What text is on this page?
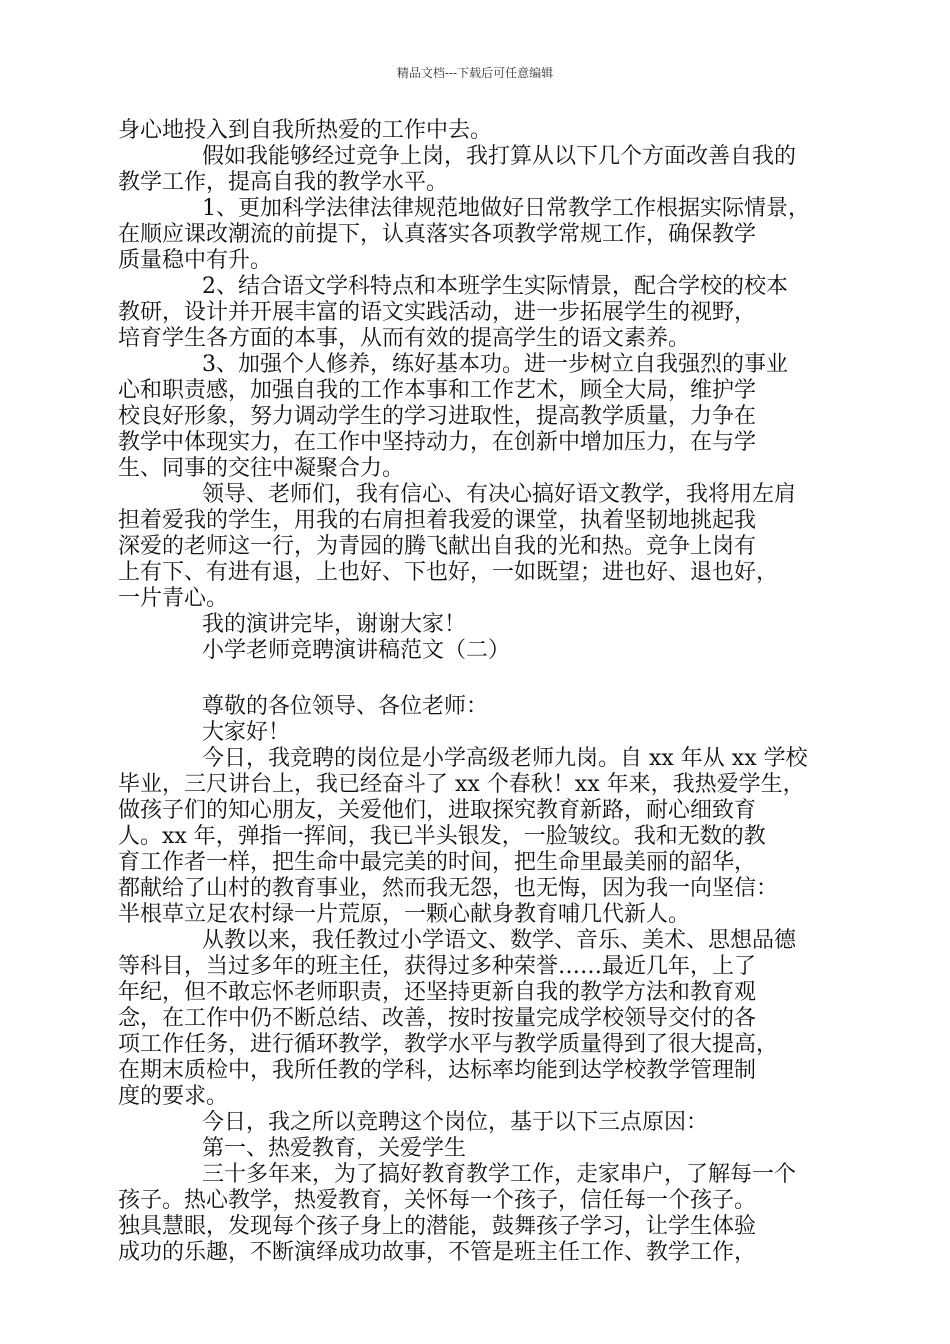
精品文档---下载后可任意编辑
身心地投入到自我所热爱的工作中去。
假如我能够经过竞争上岗，我打算从以下几个方面改善自我的
教学工作，提高自我的教学水平。
1、更加科学法律法律规范地做好日常教学工作根据实际情景，
在顺应课改潮流的前提下，认真落实各项教学常规工作，确保教学
质量稳中有升。
2、结合语文学科特点和本班学生实际情景，配合学校的校本
教研，设计并开展丰富的语文实践活动，进一步拓展学生的视野，
培育学生各方面的本事，从而有效的提高学生的语文素养。
3、加强个人修养，练好基本功。进一步树立自我强烈的事业
心和职责感，加强自我的工作本事和工作艺术，顾全大局，维护学
校良好形象，努力调动学生的学习进取性，提高教学质量，力争在
教学中体现实力，在工作中坚持动力，在创新中增加压力，在与学
生、同事的交往中凝聚合力。
领导、老师们，我有信心、有决心搞好语文教学，我将用左肩
担着爱我的学生，用我的右肩担着我爱的课堂，执着坚韧地挑起我
深爱的老师这一行，为青园的腾飞献出自我的光和热。竞争上岗有
上有下、有进有退，上也好、下也好，一如既望；进也好、退也好，
一片青心。
我的演讲完毕，谢谢大家！
小学老师竞聘演讲稿范文（二）
尊敬的各位领导、各位老师：
大家好！
今日，我竞聘的岗位是小学高级老师九岗。自 xx 年从 xx 学校
毕业，三尺讲台上，我已经奋斗了 xx 个春秋！xx 年来，我热爱学生，
做孩子们的知心朋友，关爱他们，进取探究教育新路，耐心细致育
人。xx 年，弹指一挥间，我已半头银发，一脸皱纹。我和无数的教
育工作者一样，把生命中最完美的时间，把生命里最美丽的韶华，
都献给了山村的教育事业，然而我无怨，也无悔，因为我一向坚信：
半根草立足农村绿一片荒原，一颗心献身教育哺几代新人。
从教以来，我任教过小学语文、数学、音乐、美术、思想品德
等科目，当过多年的班主任，获得过多种荣誉……最近几年，上了
年纪，但不敢忘怀老师职责，还坚持更新自我的教学方法和教育观
念，在工作中仍不断总结、改善，按时按量完成学校领导交付的各
项工作任务，进行循环教学，教学水平与教学质量得到了很大提高，
在期末质检中，我所任教的学科，达标率均能到达学校教学管理制
度的要求。
今日，我之所以竞聘这个岗位，基于以下三点原因：
第一、热爱教育，关爱学生
三十多年来，为了搞好教育教学工作，走家串户，了解每一个
孩子。热心教学，热爱教育，关怀每一个孩子，信任每一个孩子。
独具慧眼，发现每个孩子身上的潜能，鼓舞孩子学习，让学生体验
成功的乐趣，不断演绎成功故事，不管是班主任工作、教学工作，
